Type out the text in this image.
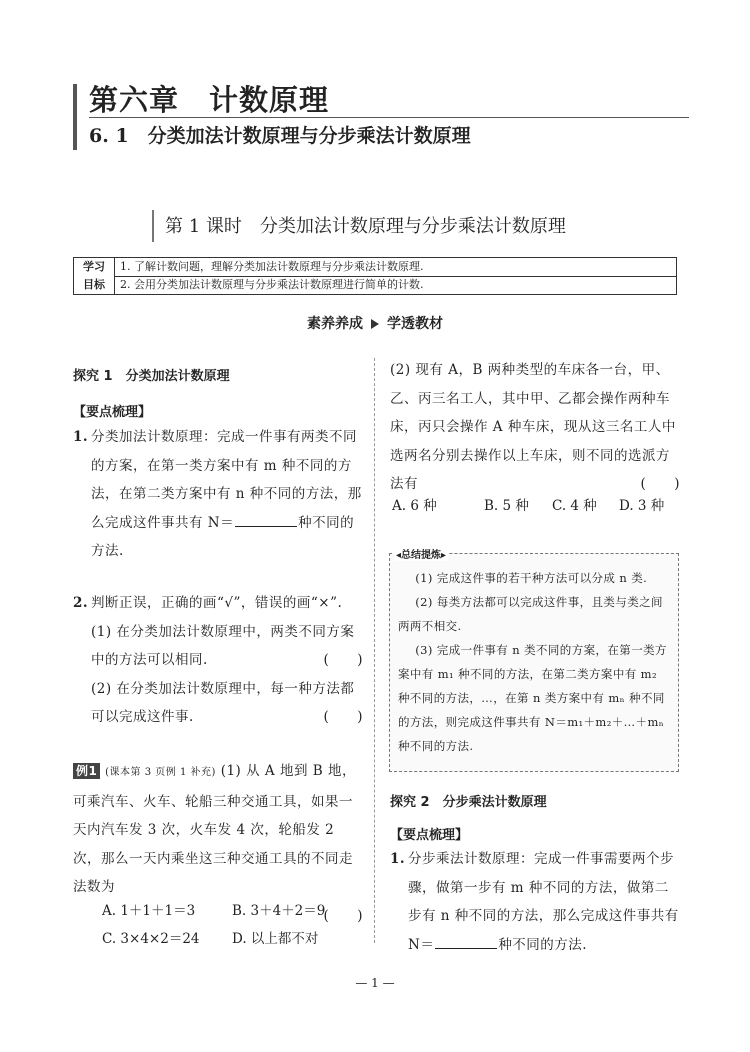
第六章　计数原理
6. 1　分类加法计数原理与分步乘法计数原理
第 1 课时　分类加法计数原理与分步乘法计数原理
学习
目标
1. 了解计数问题，理解分类加法计数原理与分步乘法计数原理.
2. 会用分类加法计数原理与分步乘法计数原理进行简单的计数.
素养养成 学透教材
探究 1　分类加法计数原理
【要点梳理】
1. 分类加法计数原理：完成一件事有两类不同的方案，在第一类方案中有 m 种不同的方法，在第二类方案中有 n 种不同的方法，那么完成这件事共有 N＝	种不同的方法.
2. 判断正误，正确的画“√”，错误的画“×”.
(1) 在分类加法计数原理中，两类不同方案中的方法可以相同.	(　　)
(2) 在分类加法计数原理中，每一种方法都可以完成这件事.	(　　)
例1 (课本第 3 页例 1 补充) (1) 从 A 地到 B 地，可乘汽车、火车、轮船三种交通工具，如果一天内汽车发 3 次，火车发 4 次，轮船发 2 次，那么一天内乘坐这三种交通工具的不同走法数为
(　　)
A. 1＋1＋1＝3	B. 3＋4＋2＝9
C. 3×4×2＝24 D. 以上都不对
(2) 现有 A，B 两种类型的车床各一台，甲、乙、丙三名工人，其中甲、乙都会操作两种车床，丙只会操作 A 种车床，现从这三名工人中选两名分别去操作以上车床，则不同的选派方法有	(　　)
A. 6 种	B. 5 种 C. 4 种 D. 3 种
◂总结提炼▸
(1) 完成这件事的若干种方法可以分成 n 类.
(2) 每类方法都可以完成这件事，且类与类之间两两不相交.
(3) 完成一件事有 n 类不同的方案，在第一类方案中有 m₁ 种不同的方法，在第二类方案中有 m₂ 种不同的方法，…，在第 n 类方案中有 mₙ 种不同的方法，则完成这件事共有 N＝m₁＋m₂＋…＋mₙ 种不同的方法.
探究 2　分步乘法计数原理
【要点梳理】
1. 分步乘法计数原理：完成一件事需要两个步骤，做第一步有 m 种不同的方法，做第二步有 n 种不同的方法，那么完成这件事共有 N＝	种不同的方法.
— 1 —
